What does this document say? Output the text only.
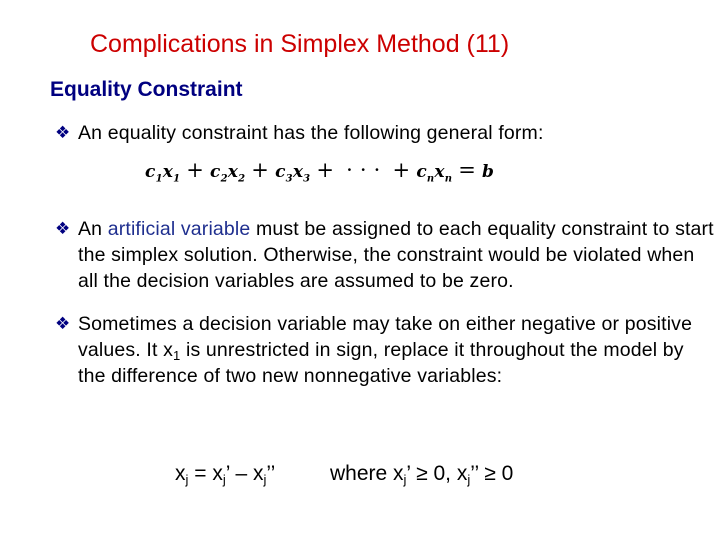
Complications in Simplex Method (11)
Equality Constraint
❖ An equality constraint has the following general form:
$c_1x_1 + c_2x_2 + c_3x_3$ + · · · + $c_nx_n = b$
❖ An artificial variable must be assigned to each equality constraint to start the simplex solution. Otherwise, the constraint would be violated when all the decision variables are assumed to be zero.
❖ Sometimes a decision variable may take on either negative or positive values. It $x_1$ is unrestricted in sign, replace it throughout the model by the difference of two new nonnegative variables:
$x_j = x_j$’ – $x_j$’’	where $x_j$’ ≥ 0, $x_j$’’ ≥ 0
